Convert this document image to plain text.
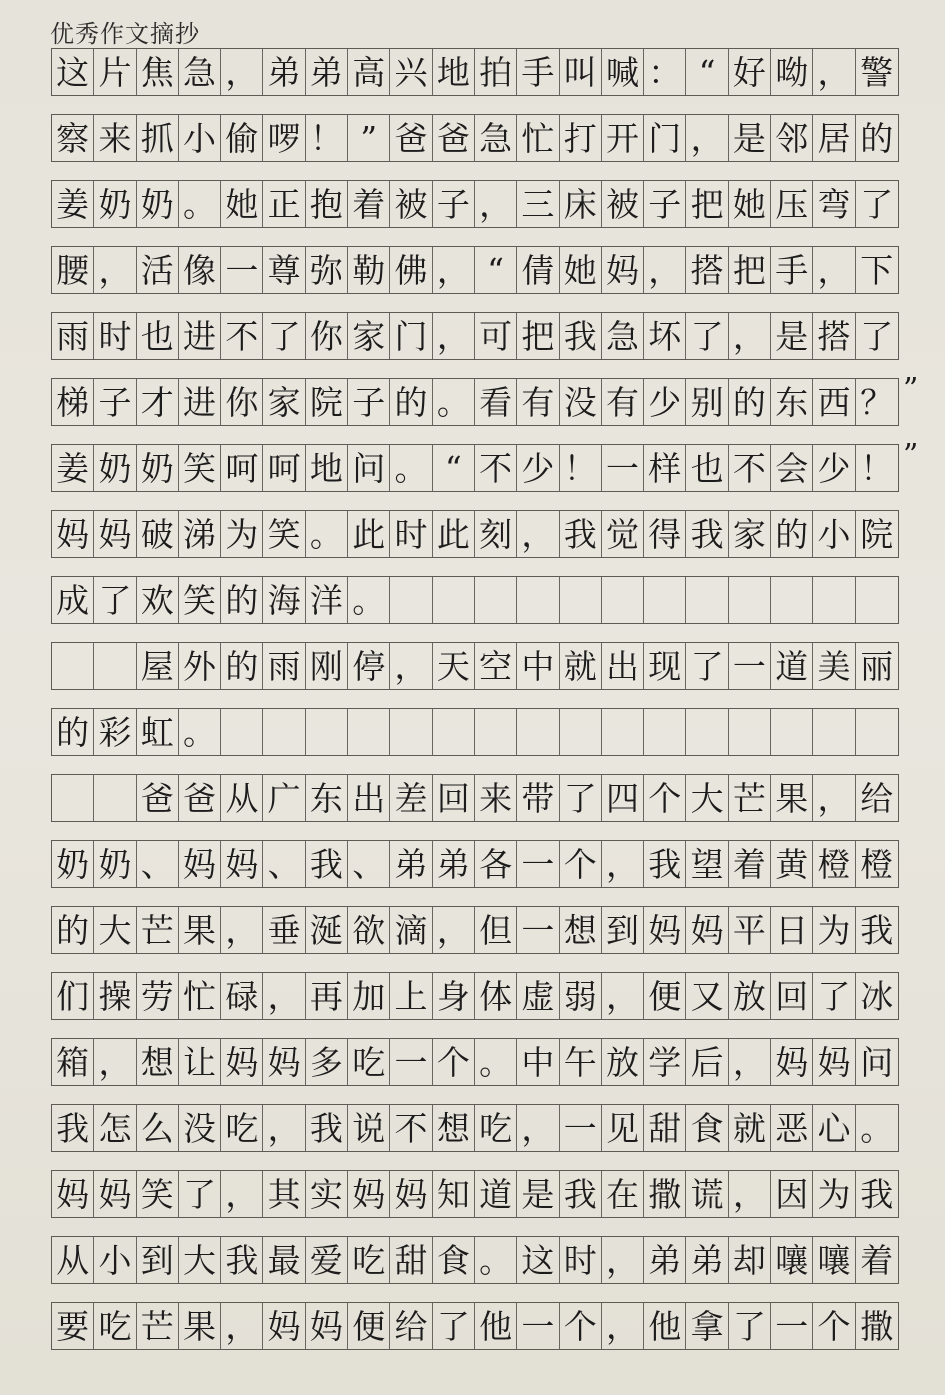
优秀作文摘抄
这 片 焦 急 ， 弟 弟 高 兴 地 拍 手 叫 喊 ： “ 好 呦 ， 警
察 来 抓 小 偷 啰 ！ ” 爸 爸 急 忙 打 开 门 ， 是 邻 居 的
姜 奶 奶 。 她 正 抱 着 被 子 ， 三 床 被 子 把 她 压 弯 了
腰 ， 活 像 一 尊 弥 勒 佛 ， “ 倩 她 妈 ， 搭 把 手 ， 下
雨 时 也 进 不 了 你 家 门 ， 可 把 我 急 坏 了 ， 是 搭 了
梯 子 才 进 你 家 院 子 的 。 看 有 没 有 少 别 的 东 西 ？
姜 奶 奶 笑 呵 呵 地 问 。 “ 不 少 ！ 一 样 也 不 会 少 ！
妈 妈 破 涕 为 笑 。 此 时 此 刻 ， 我 觉 得 我 家 的 小 院
成 了 欢 笑 的 海 洋 。
屋 外 的 雨 刚 停 ， 天 空 中 就 出 现 了 一 道 美 丽
的 彩 虹 。
爸 爸 从 广 东 出 差 回 来 带 了 四 个 大 芒 果 ， 给
奶 奶 、 妈 妈 、 我 、 弟 弟 各 一 个 ， 我 望 着 黄 橙 橙
的 大 芒 果 ， 垂 涎 欲 滴 ， 但 一 想 到 妈 妈 平 日 为 我
们 操 劳 忙 碌 ， 再 加 上 身 体 虚 弱 ， 便 又 放 回 了 冰
箱 ， 想 让 妈 妈 多 吃 一 个 。 中 午 放 学 后 ， 妈 妈 问
我 怎 么 没 吃 ， 我 说 不 想 吃 ， 一 见 甜 食 就 恶 心 。
妈 妈 笑 了 ， 其 实 妈 妈 知 道 是 我 在 撒 谎 ， 因 为 我
从 小 到 大 我 最 爱 吃 甜 食 。 这 时 ， 弟 弟 却 嚷 嚷 着
要 吃 芒 果 ， 妈 妈 便 给 了 他 一 个 ， 他 拿 了 一 个 撒
”
”
